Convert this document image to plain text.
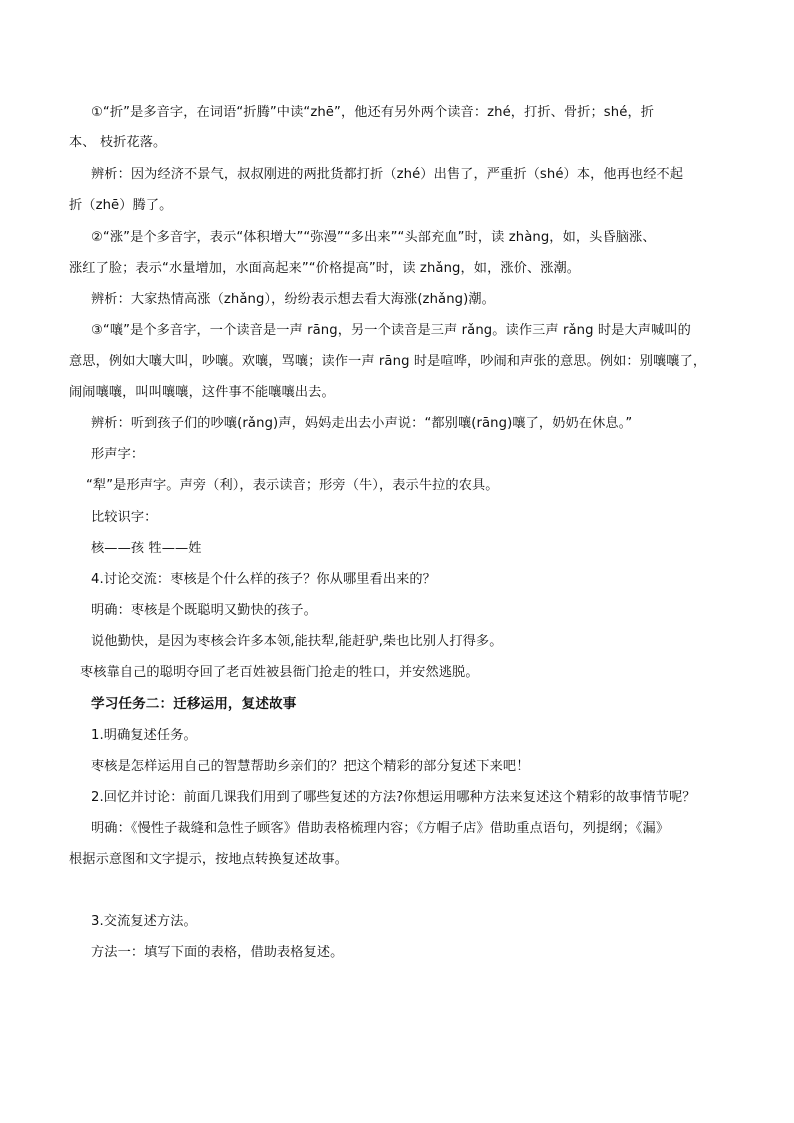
①“折”是多音字，在词语“折腾”中读“zhē”，他还有另外两个读音：zhé，打折、骨折；shé，折
本、 枝折花落。
辨析：因为经济不景气，叔叔刚进的两批货都打折（zhé）出售了，严重折（shé）本，他再也经不起
折（zhē）腾了。
②“涨”是个多音字，表示“体积增大”“弥漫”“多出来”“头部充血”时，读 zhàng，如，头昏脑涨、
涨红了脸；表示“水量增加，水面高起来”“价格提高”时，读 zhǎng，如，涨价、涨潮。
辨析：大家热情高涨（zhǎng），纷纷表示想去看大海涨(zhǎng)潮。
③“嚷”是个多音字，一个读音是一声 rāng，另一个读音是三声 rǎng。读作三声 rǎng 时是大声喊叫的
意思，例如大嚷大叫，吵嚷。欢嚷，骂嚷；读作一声 rāng 时是喧哗，吵闹和声张的意思。例如：别嚷嚷了，
闹闹嚷嚷，叫叫嚷嚷，这件事不能嚷嚷出去。
辨析：听到孩子们的吵嚷(rǎng)声，妈妈走出去小声说：“都别嚷(rāng)嚷了，奶奶在休息。”
形声字：
“犁”是形声字。声旁（利），表示读音；形旁（牛），表示牛拉的农具。
比较识字：
核——孩 牲——姓
4.讨论交流：枣核是个什么样的孩子？你从哪里看出来的？
明确：枣核是个既聪明又勤快的孩子。
说他勤快，是因为枣核会许多本领,能扶犁,能赶驴,柴也比别人打得多。
枣核靠自己的聪明夺回了老百姓被县衙门抢走的牲口，并安然逃脱。
学习任务二：迁移运用，复述故事
1.明确复述任务。
枣核是怎样运用自己的智慧帮助乡亲们的？把这个精彩的部分复述下来吧！
2.回忆并讨论：前面几课我们用到了哪些复述的方法?你想运用哪种方法来复述这个精彩的故事情节呢？
明确：《慢性子裁缝和急性子顾客》借助表格梳理内容；《方帽子店》借助重点语句，列提纲；《漏》
根据示意图和文字提示，按地点转换复述故事。
3.交流复述方法。
方法一：填写下面的表格，借助表格复述。
